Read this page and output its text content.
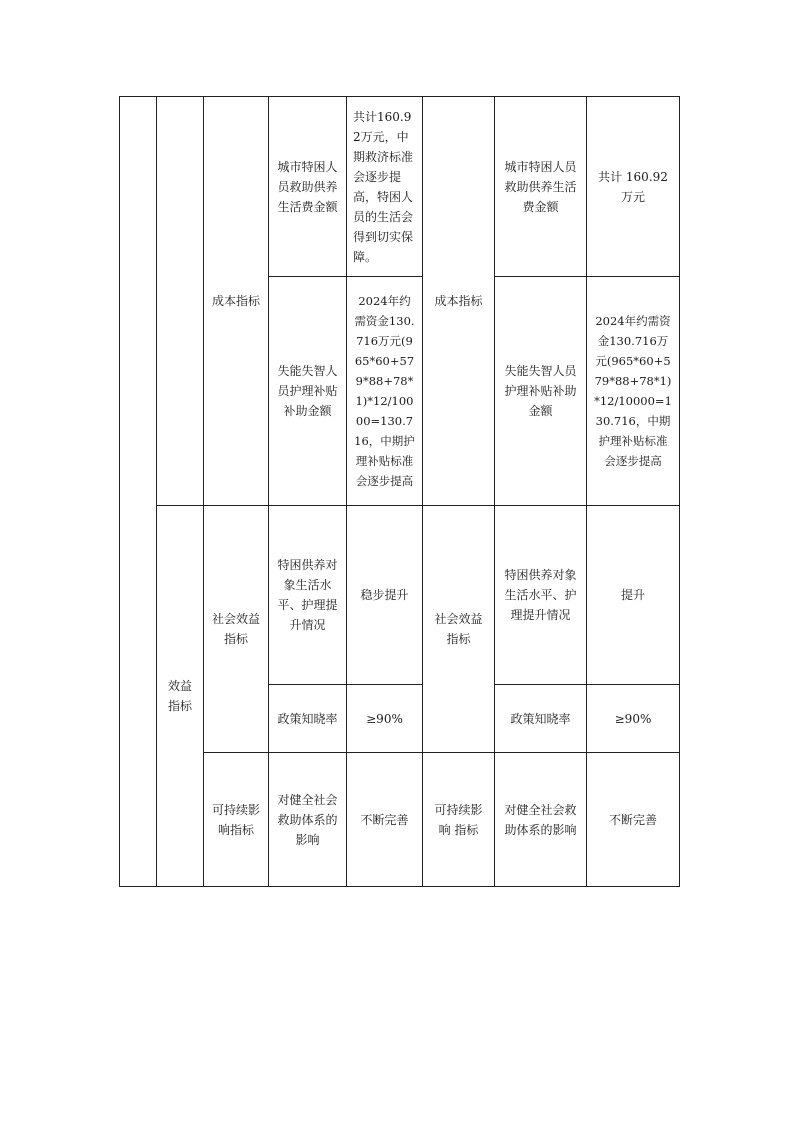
		成本指标	城市特困人员救助供养生活费金额	共计160.92万元，中期救济标准会逐步提高，特困人员的生活会得到切实保障。	成本指标	城市特困人员救助供养生活费金额	共计 160.92 万元
			失能失智人员护理补贴补助金额	2024年约需资金130.716万元(965*60+579*88+78*1)*12/10000=130.716，中期护理补贴标准会逐步提高		失能失智人员护理补贴补助金额	2024年约需资金130.716万元(965*60+579*88+78*1)*12/10000=130.716，中期护理补贴标准会逐步提高
	效益指标	社会效益指标	特困供养对象生活水平、护理提升情况	稳步提升	社会效益指标	特困供养对象生活水平、护理提升情况	提升
			政策知晓率	≥90%		政策知晓率	≥90%
		可持续影响指标	对健全社会救助体系的影响	不断完善	可持续影响 指标	对健全社会救助体系的影响	不断完善
